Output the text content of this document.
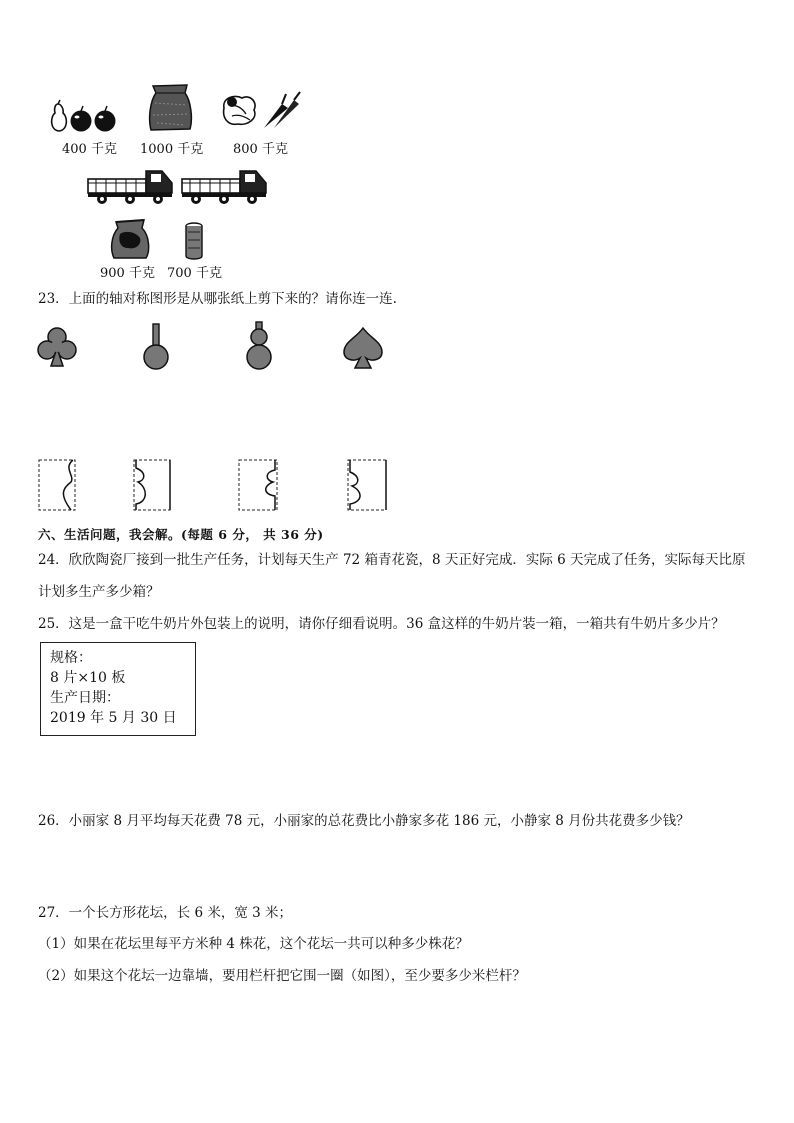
400 千克 1000 千克 800 千克
900 千克 700 千克
23．上面的轴对称图形是从哪张纸上剪下来的？请你连一连.
六、生活问题，我会解。(每题 6 分， 共 36 分)
24．欣欣陶瓷厂接到一批生产任务，计划每天生产 72 箱青花瓷，8 天正好完成．实际 6 天完成了任务，实际每天比原
计划多生产多少箱？
25．这是一盒干吃牛奶片外包装上的说明，请你仔细看说明。36 盒这样的牛奶片装一箱，一箱共有牛奶片多少片？
规格：
8 片×10 板
生产日期：
2019 年 5 月 30 日
26．小丽家 8 月平均每天花费 78 元，小丽家的总花费比小静家多花 186 元，小静家 8 月份共花费多少钱？
27．一个长方形花坛，长 6 米，宽 3 米；
（1）如果在花坛里每平方米种 4 株花，这个花坛一共可以种多少株花？
（2）如果这个花坛一边靠墙，要用栏杆把它围一圈（如图），至少要多少米栏杆？
